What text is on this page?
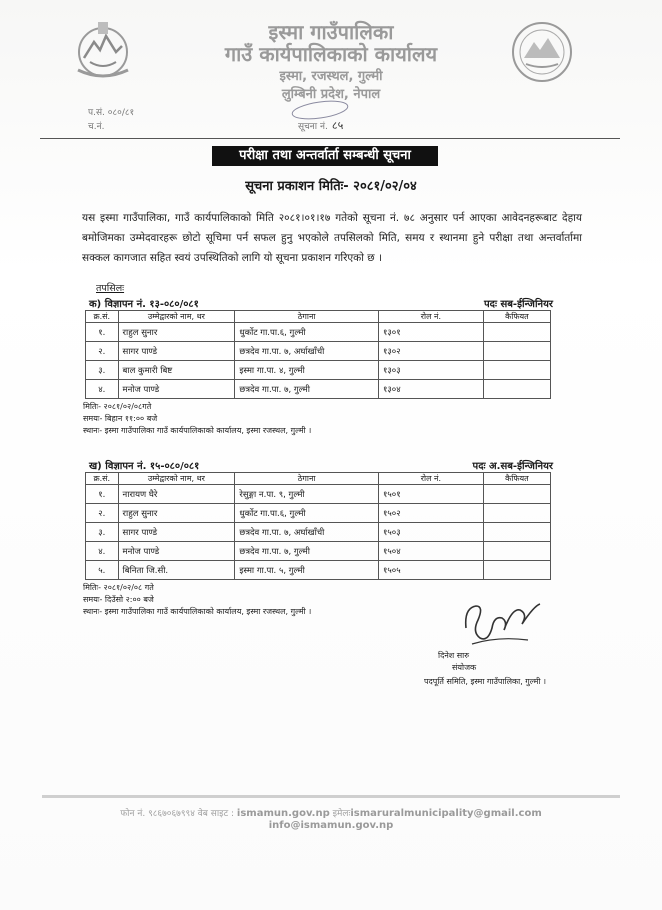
इस्मा गाउँपालिका
गाउँ कार्यपालिकाको कार्यालय
इस्मा, रजस्थल, गुल्मी
लुम्बिनी प्रदेश, नेपाल
प.सं. ०८०/८१
च.नं.	सूचना नं. ८५
परीक्षा तथा अन्तर्वार्ता सम्बन्धी सूचना
सूचना प्रकाशन मितिः- २०८१/०२/०४
यस इस्मा गाउँपालिका, गाउँ कार्यपालिकाको मिति २०८१।०१।१७ गतेको सूचना नं. ७८ अनुसार पर्न आएका आवेदनहरूबाट देहाय बमोजिमका उम्मेदवारहरू छोटो सूचिमा पर्न सफल हुनु भएकोले तपसिलको मिति, समय र स्थानमा हुने परीक्षा तथा अन्तर्वार्तामा सक्कल कागजात सहित स्वयं उपस्थितिको लागि यो सूचना प्रकाशन गरिएको छ ।
तपसिलः
क) विज्ञापन नं. १३-०८०/०८१	पदः सब-ईन्जिनियर
क्र.सं.	उम्मेद्वारको नाम, थर	ठेगाना	रोल नं.	कैफियत
१.	राहुल सुनार	धुर्कोट गा.पा.६, गुल्मी	१३०१	
२.	सागर पाण्डे	छत्रदेव गा.पा. ७, अर्घाखाँची	१३०२	
३.	बाल कुमारी बिष्ट	इस्मा गा.पा. ४, गुल्मी	१३०३	
४.	मनोज पाण्डे	छत्रदेव गा.पा. ७, गुल्मी	१३०४	
मितिः- २०८१/०२/०८गते
समयः- बिहान ११:०० बजे
स्थानः- इस्मा गाउँपालिका गाउँ कार्यपालिकाको कार्यालय, इस्मा रजस्थल, गुल्मी ।
ख) विज्ञापन नं. १५-०८०/०८१	पदः अ.सब-ईन्जिनियर
क्र.सं.	उम्मेद्वारको नाम, थर	ठेगाना	रोल नं.	कैफियत
१.	नारायण घैरे	रेसुङ्गा न.पा. ९, गुल्मी	१५०१	
२.	राहुल सुनार	धुर्कोट गा.पा.६, गुल्मी	१५०२	
३.	सागर पाण्डे	छत्रदेव गा.पा. ७, अर्घाखाँची	१५०३	
४.	मनोज पाण्डे	छत्रदेव गा.पा. ७, गुल्मी	१५०४	
५.	बिनिता जि.सी.	इस्मा गा.पा. ५, गुल्मी	१५०५	
मितिः- २०८१/०२/०८ गते
समयः- दिउँसो २:०० बजे
स्थानः- इस्मा गाउँपालिका गाउँ कार्यपालिकाको कार्यालय, इस्मा रजस्थल, गुल्मी ।
दिनेश सारु
संयोजक
पदपूर्ति समिति, इस्मा गाउँपालिका, गुल्मी ।
फोन नं. ९८६७०६७९९४ वेब साइट : ismamun.gov.np इमेलःismaruralmunicipality@gmail.com
info@ismamun.gov.np
